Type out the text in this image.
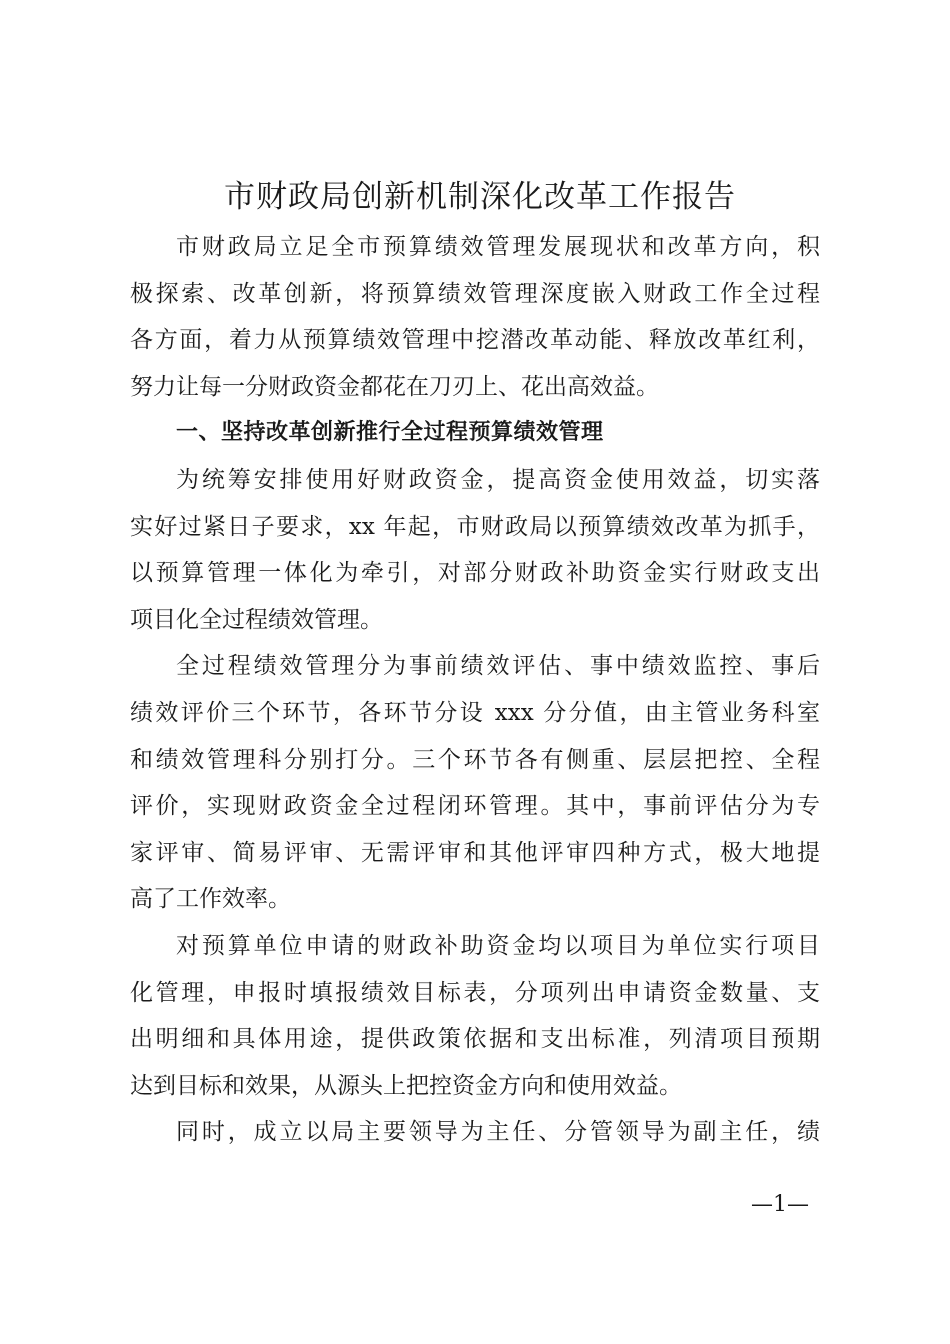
市财政局创新机制深化改革工作报告
市财政局立足全市预算绩效管理发展现状和改革方向，积
极探索、改革创新，将预算绩效管理深度嵌入财政工作全过程
各方面，着力从预算绩效管理中挖潜改革动能、释放改革红利，
努力让每一分财政资金都花在刀刃上、花出高效益。
一、坚持改革创新推行全过程预算绩效管理
为统筹安排使用好财政资金，提高资金使用效益，切实落
实好过紧日子要求，xx 年起，市财政局以预算绩效改革为抓手，
以预算管理一体化为牵引，对部分财政补助资金实行财政支出
项目化全过程绩效管理。
全过程绩效管理分为事前绩效评估、事中绩效监控、事后
绩效评价三个环节，各环节分设 xxx 分分值，由主管业务科室
和绩效管理科分别打分。三个环节各有侧重、层层把控、全程
评价，实现财政资金全过程闭环管理。其中，事前评估分为专
家评审、简易评审、无需评审和其他评审四种方式，极大地提
高了工作效率。
对预算单位申请的财政补助资金均以项目为单位实行项目
化管理，申报时填报绩效目标表，分项列出申请资金数量、支
出明细和具体用途，提供政策依据和支出标准，列清项目预期
达到目标和效果，从源头上把控资金方向和使用效益。
同时，成立以局主要领导为主任、分管领导为副主任，绩
—1—
